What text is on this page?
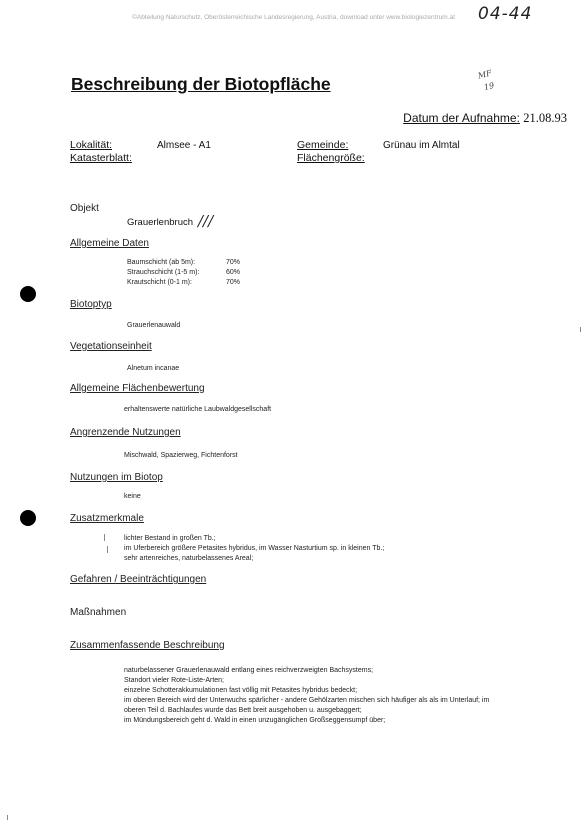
©Abteilung Naturschutz, Oberösterreichische Landesregierung, Austria, download unter www.biologiezentrum.at	04-44
MF
19
Beschreibung der Biotopfläche
Datum der Aufnahme: 21.08.93
Lokalität:	Almsee - A1
Katasterblatt:
Gemeinde:	Grünau im Almtal
Flächengröße:
Objekt
Grauerlenbruch ///
Allgemeine Daten
Baumschicht (ab 5m):	70%
Strauchschicht (1-5 m):	60%
Krautschicht (0-1 m):	70%
Biotoptyp
Grauerlenauwald
Vegetationseinheit
Alnetum incanae
Allgemeine Flächenbewertung
erhaltenswerte natürliche Laubwaldgesellschaft
Angrenzende Nutzungen
Mischwald, Spazierweg, Fichtenforst
Nutzungen im Biotop
keine
Zusatzmerkmale
lichter Bestand in großen Tb.;
im Uferbereich größere Petasites hybridus, im Wasser Nasturtium sp. in kleinen Tb.;
sehr artenreiches, naturbelassenes Areal;
Gefahren / Beeinträchtigungen
Maßnahmen
Zusammenfassende Beschreibung
naturbelassener Grauerlenauwald entlang eines reichverzweigten Bachsystems;
Standort vieler Rote-Liste-Arten;
einzelne Schotterakkumulationen fast völlig mit Petasites hybridus bedeckt;
im oberen Bereich wird der Unterwuchs spärlicher - andere Gehölzarten mischen sich häufiger als als im Unterlauf; im
oberen Teil d. Bachlaufes wurde das Bett breit ausgehoben u. ausgebaggert;
im Mündungsbereich geht d. Wald in einen unzugänglichen Großseggensumpf über;
